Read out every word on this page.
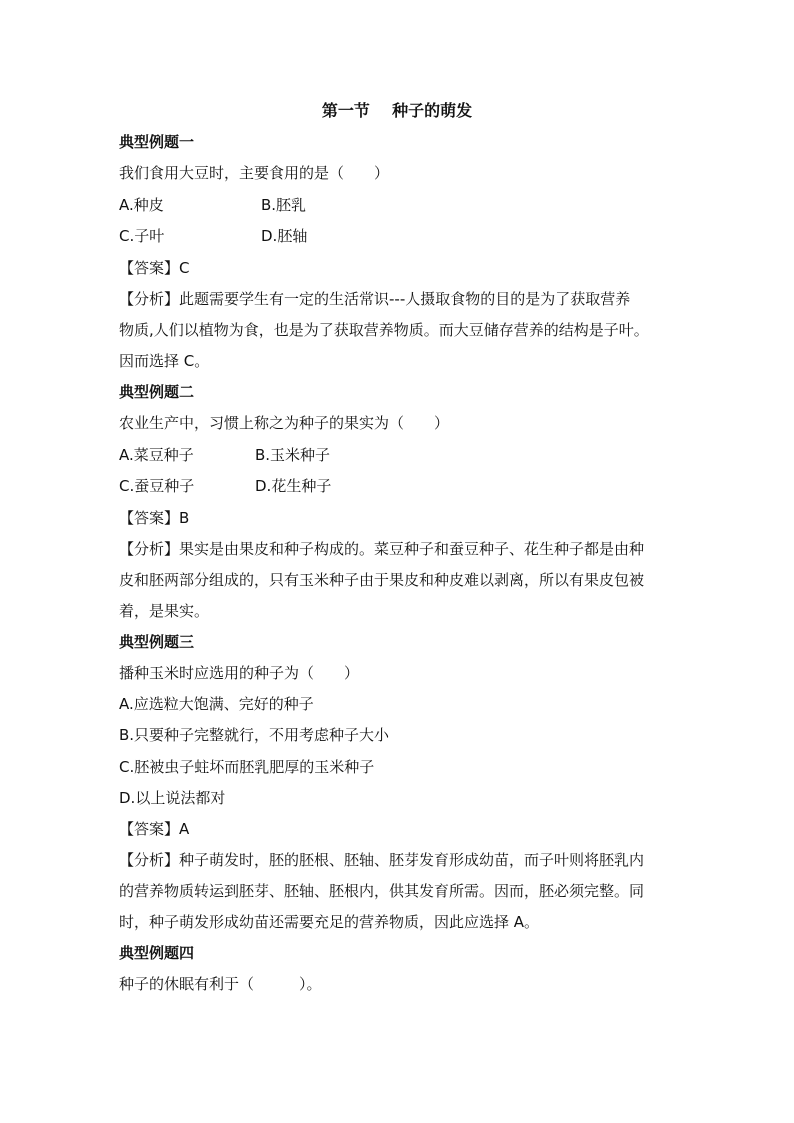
第一节    种子的萌发
典型例题一
我们食用大豆时，主要食用的是（　　）
A.种皮	B.胚乳
C.子叶	D.胚轴
【答案】C
【分析】此题需要学生有一定的生活常识---人摄取食物的目的是为了获取营养
物质,人们以植物为食，也是为了获取营养物质。而大豆储存营养的结构是子叶。
因而选择 C。
典型例题二
农业生产中，习惯上称之为种子的果实为（　　）
A.菜豆种子	B.玉米种子
C.蚕豆种子	D.花生种子
【答案】B
【分析】果实是由果皮和种子构成的。菜豆种子和蚕豆种子、花生种子都是由种
皮和胚两部分组成的，只有玉米种子由于果皮和种皮难以剥离，所以有果皮包被
着，是果实。
典型例题三
播种玉米时应选用的种子为（　　）
A.应选粒大饱满、完好的种子
B.只要种子完整就行，不用考虑种子大小
C.胚被虫子蛀坏而胚乳肥厚的玉米种子
D.以上说法都对
【答案】A
【分析】种子萌发时，胚的胚根、胚轴、胚芽发育形成幼苗，而子叶则将胚乳内
的营养物质转运到胚芽、胚轴、胚根内，供其发育所需。因而，胚必须完整。同
时，种子萌发形成幼苗还需要充足的营养物质，因此应选择 A。
典型例题四
种子的休眠有利于（　　　）。
